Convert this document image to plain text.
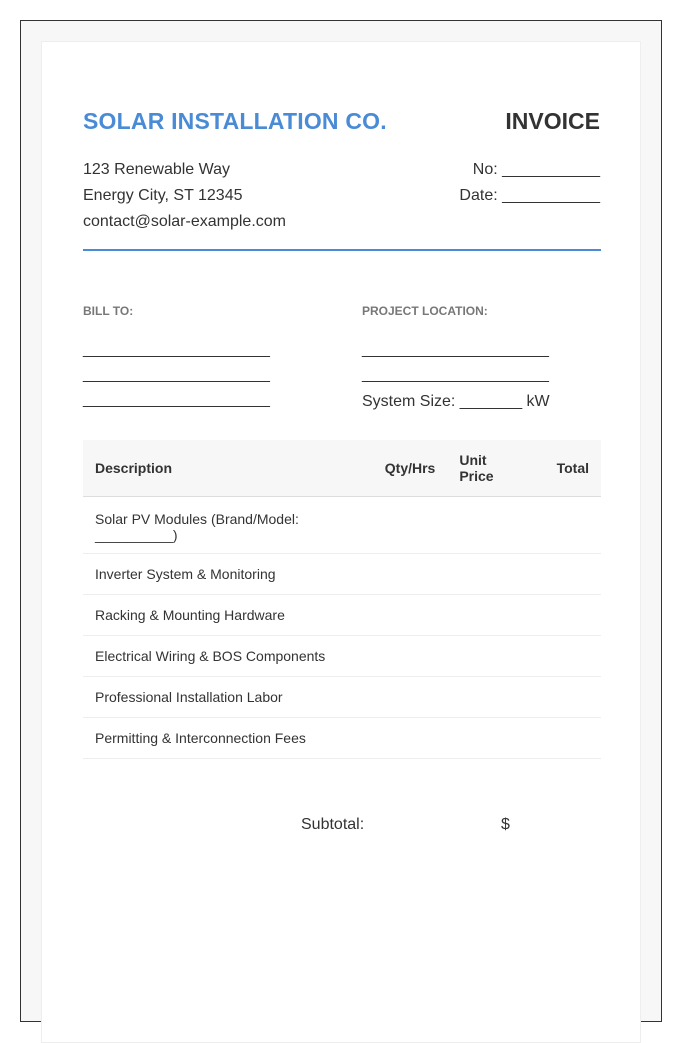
SOLAR INSTALLATION CO.	INVOICE
123 Renewable Way
Energy City, ST 12345
contact@solar-example.com
No: ___________
Date: ___________
BILL TO:	PROJECT LOCATION:
_____________________
_____________________
_____________________
_____________________
_____________________
System Size: _______ kW
Description	Qty/Hrs	Unit Price	Total
Solar PV Modules (Brand/Model: __________)			
Inverter System & Monitoring			
Racking & Mounting Hardware			
Electrical Wiring & BOS Components			
Professional Installation Labor			
Permitting & Interconnection Fees			
Subtotal:	$
